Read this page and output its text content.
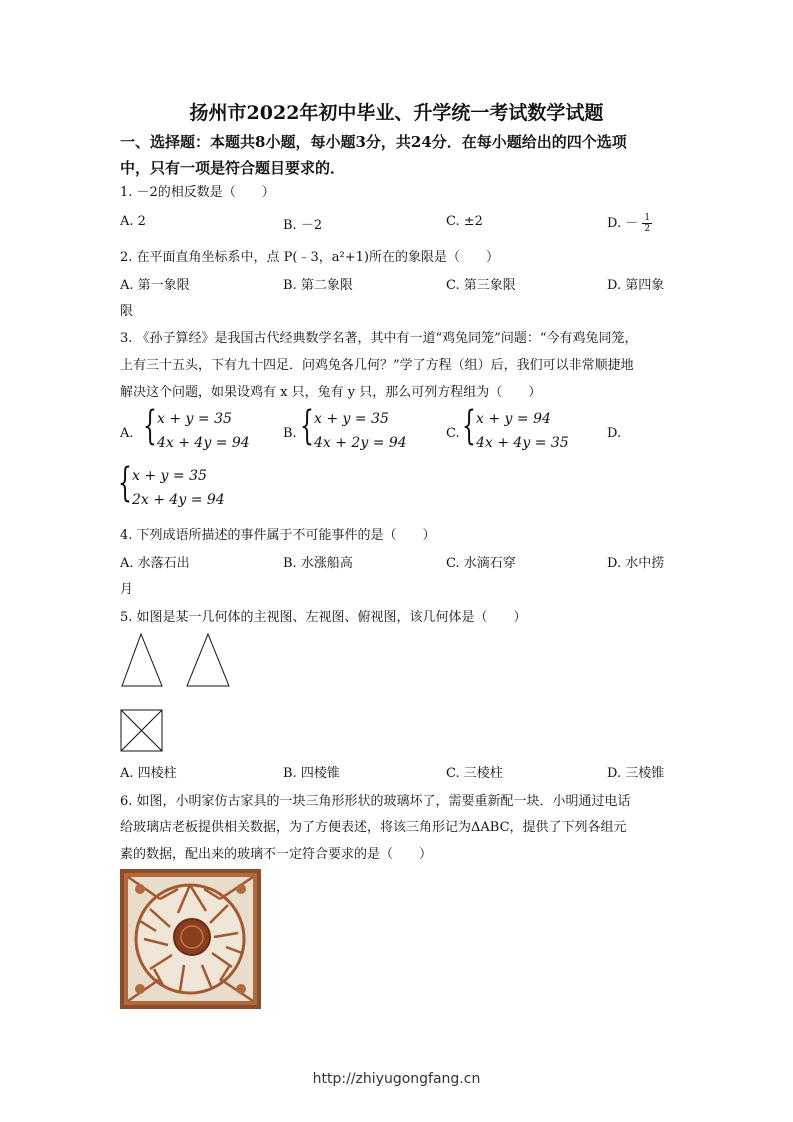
扬州市2022年初中毕业、升学统一考试数学试题
一、选择题：本题共8小题，每小题3分，共24分．在每小题给出的四个选项
中，只有一项是符合题目要求的．
1. －2的相反数是（　　）
A. 2	B. －2	C. ±2	D. － $\frac{1}{2}$
2. 在平面直角坐标系中，点 P(﹣3，a²+1)所在的象限是（　　）
A. 第一象限	B. 第二象限	C. 第三象限	D. 第四象
限
3. 《孙子算经》是我国古代经典数学名著，其中有一道“鸡兔同笼”问题：“今有鸡兔同笼，
上有三十五头，下有九十四足．问鸡兔各几何？”学了方程（组）后，我们可以非常顺捷地
解决这个问题，如果设鸡有 x 只，兔有 y 只，那么可列方程组为（　　）
A. { x + y = 35
4x + 4y = 94
B. { x + y = 35
4x + 2y = 94
C. { x + y = 94
4x + 4y = 35
D.
{ x + y = 35
2x + 4y = 94
4. 下列成语所描述的事件属于不可能事件的是（　　）
A. 水落石出	B. 水涨船高	C. 水滴石穿	D. 水中捞
月
5. 如图是某一几何体的主视图、左视图、俯视图，该几何体是（　　）
A. 四棱柱	B. 四棱锥	C. 三棱柱	D. 三棱锥
6. 如图，小明家仿古家具的一块三角形形状的玻璃坏了，需要重新配一块．小明通过电话
给玻璃店老板提供相关数据，为了方便表述，将该三角形记为ΔABC，提供了下列各组元
素的数据，配出来的玻璃不一定符合要求的是（　　）
http://zhiyugongfang.cn
